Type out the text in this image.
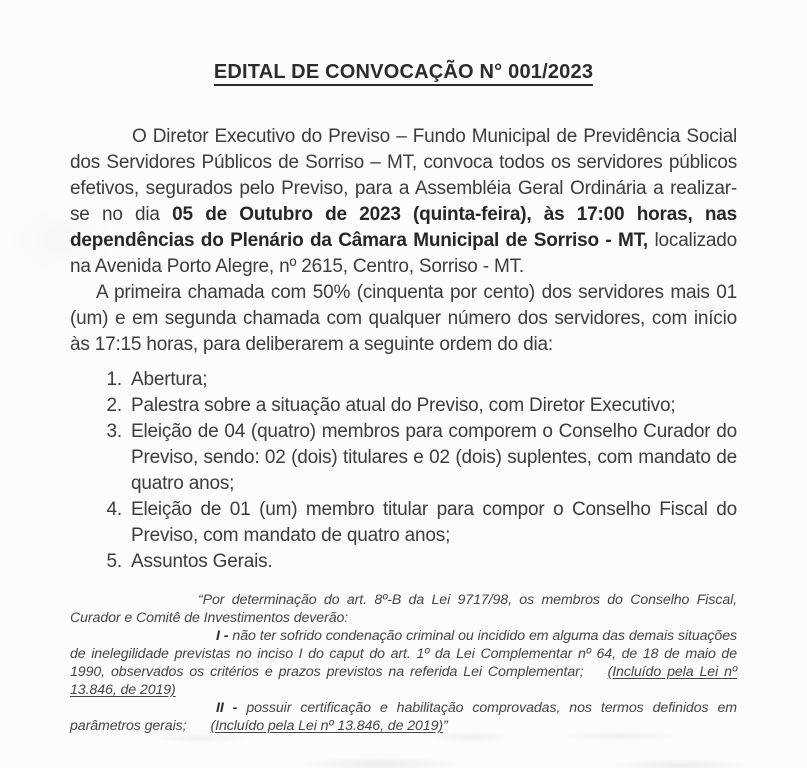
EDITAL DE CONVOCAÇÃO N° 001/2023

O Diretor Executivo do Previso – Fundo Municipal de Previdência Social dos Servidores Públicos de Sorriso – MT, convoca todos os servidores públicos efetivos, segurados pelo Previso, para a Assembléia Geral Ordinária a realizar-se no dia 05 de Outubro de 2023 (quinta-feira), às 17:00 horas, nas dependências do Plenário da Câmara Municipal de Sorriso - MT, localizado na Avenida Porto Alegre, nº 2615, Centro, Sorriso - MT.

A primeira chamada com 50% (cinquenta por cento) dos servidores mais 01 (um) e em segunda chamada com qualquer número dos servidores, com início às 17:15 horas, para deliberarem a seguinte ordem do dia:

1. Abertura;
2. Palestra sobre a situação atual do Previso, com Diretor Executivo;
3. Eleição de 04 (quatro) membros para comporem o Conselho Curador do Previso, sendo: 02 (dois) titulares e 02 (dois) suplentes, com mandato de quatro anos;
4. Eleição de 01 (um) membro titular para compor o Conselho Fiscal do Previso, com mandato de quatro anos;
5. Assuntos Gerais.

“Por determinação do art. 8º-B da Lei 9717/98, os membros do Conselho Fiscal, Curador e Comitê de Investimentos deverão:

I - não ter sofrido condenação criminal ou incidido em alguma das demais situações de inelegilidade previstas no inciso I do caput do art. 1º da Lei Complementar nº 64, de 18 de maio de 1990, observados os critérios e prazos previstos na referida Lei Complementar; (Incluído pela Lei nº 13.846, de 2019)

II - possuir certificação e habilitação comprovadas, nos termos definidos em parâmetros gerais; (Incluído pela Lei nº 13.846, de 2019)”
